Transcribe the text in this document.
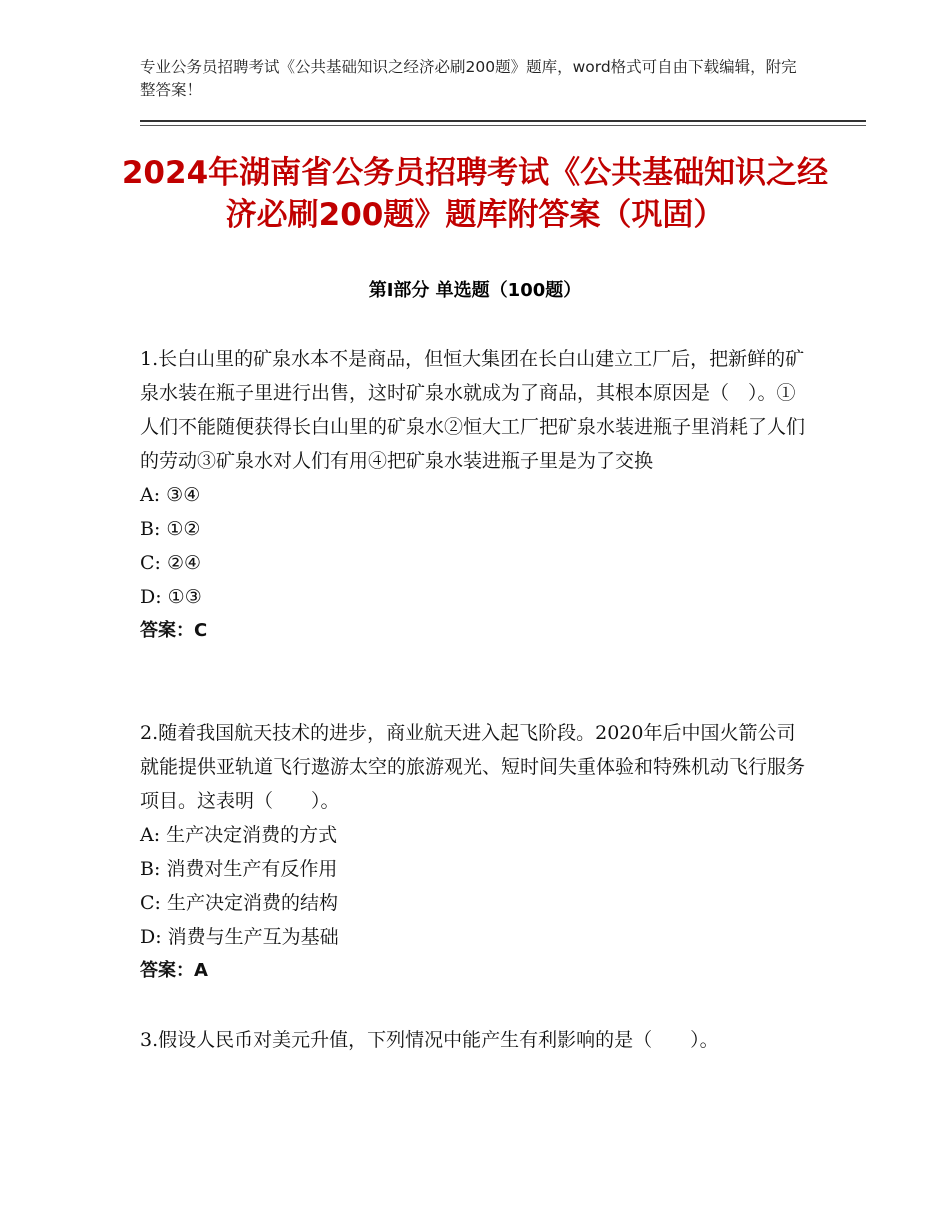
专业公务员招聘考试《公共基础知识之经济必刷200题》题库，word格式可自由下载编辑，附完整答案！
2024年湖南省公务员招聘考试《公共基础知识之经济必刷200题》题库附答案（巩固）
第I部分 单选题（100题）

1.长白山里的矿泉水本不是商品，但恒大集团在长白山建立工厂后，把新鲜的矿泉水装在瓶子里进行出售，这时矿泉水就成为了商品，其根本原因是（　）。①人们不能随便获得长白山里的矿泉水②恒大工厂把矿泉水装进瓶子里消耗了人们的劳动③矿泉水对人们有用④把矿泉水装进瓶子里是为了交换

A: ③④

B: ①②

C: ②④

D: ①③

答案：C

2.随着我国航天技术的进步，商业航天进入起飞阶段。2020年后中国火箭公司就能提供亚轨道飞行遨游太空的旅游观光、短时间失重体验和特殊机动飞行服务项目。这表明（　　）。

A: 生产决定消费的方式

B: 消费对生产有反作用

C: 生产决定消费的结构

D: 消费与生产互为基础

答案：A

3.假设人民币对美元升值，下列情况中能产生有利影响的是（　　）。
